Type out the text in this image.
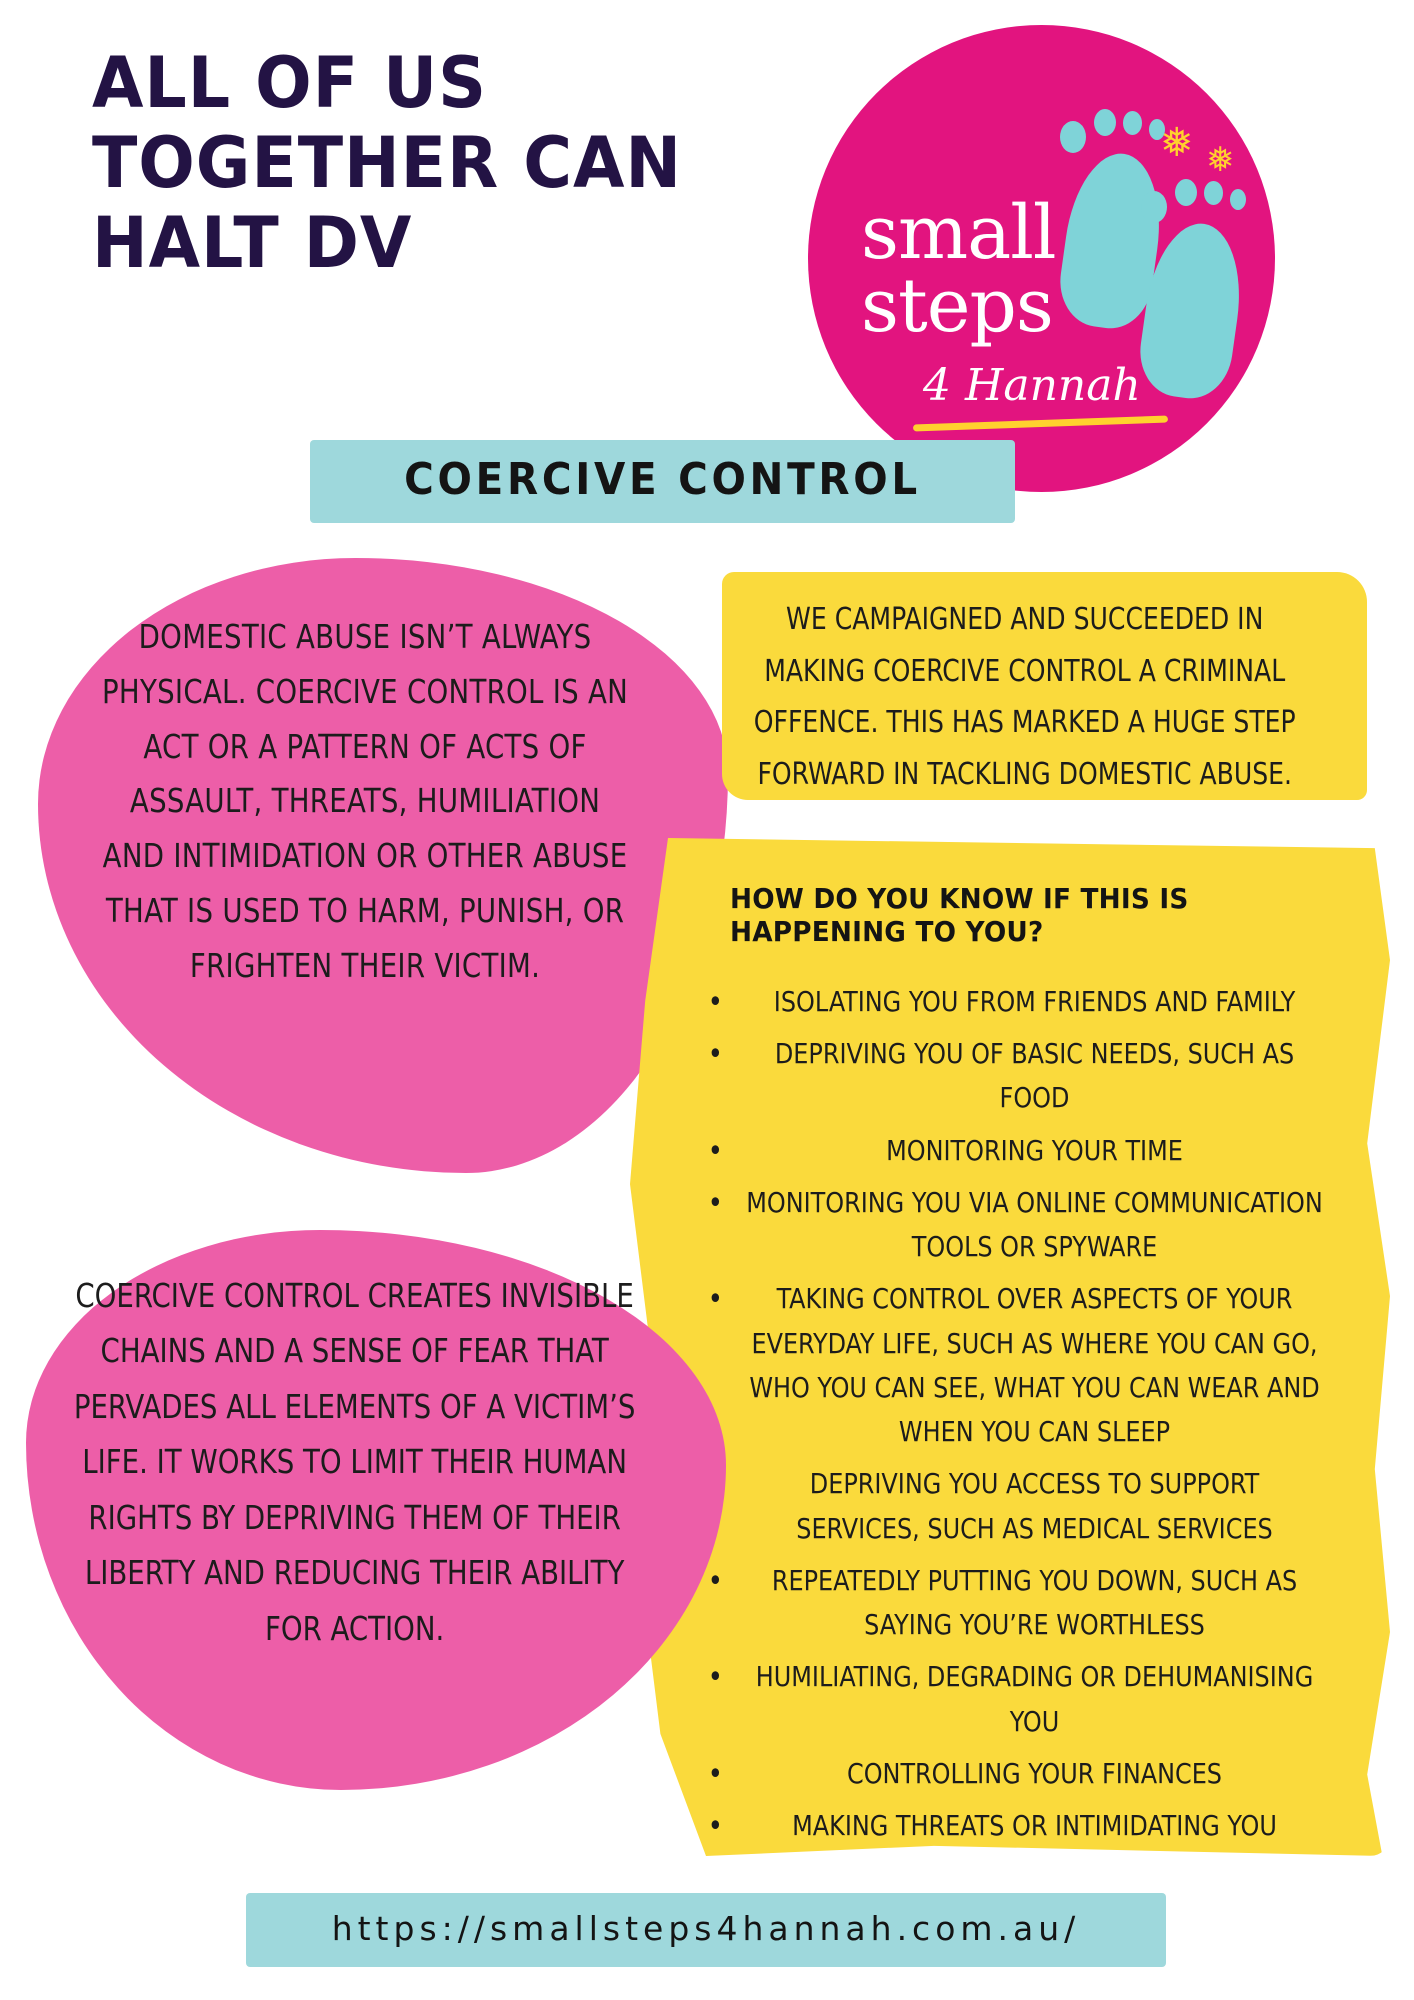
ALL OF US
TOGETHER CAN
HALT DV
❅ ❅
small
steps
4 Hannah
COERCIVE CONTROL
DOMESTIC ABUSE ISN’T ALWAYS PHYSICAL. COERCIVE CONTROL IS AN ACT OR A PATTERN OF ACTS OF ASSAULT, THREATS, HUMILIATION AND INTIMIDATION OR OTHER ABUSE THAT IS USED TO HARM, PUNISH, OR FRIGHTEN THEIR VICTIM.
WE CAMPAIGNED AND SUCCEEDED IN MAKING COERCIVE CONTROL A CRIMINAL OFFENCE. THIS HAS MARKED A HUGE STEP FORWARD IN TACKLING DOMESTIC ABUSE.
HOW DO YOU KNOW IF THIS IS HAPPENING TO YOU?
• ISOLATING YOU FROM FRIENDS AND FAMILY
• DEPRIVING YOU OF BASIC NEEDS, SUCH AS FOOD
•	MONITORING YOUR TIME
• MONITORING YOU VIA ONLINE COMMUNICATION TOOLS OR SPYWARE
• TAKING CONTROL OVER ASPECTS OF YOUR EVERYDAY LIFE, SUCH AS WHERE YOU CAN GO, WHO YOU CAN SEE, WHAT YOU CAN WEAR AND WHEN YOU CAN SLEEP
DEPRIVING YOU ACCESS TO SUPPORT SERVICES, SUCH AS MEDICAL SERVICES
• REPEATEDLY PUTTING YOU DOWN, SUCH AS SAYING YOU’RE WORTHLESS
• HUMILIATING, DEGRADING OR DEHUMANISING YOU
•	CONTROLLING YOUR FINANCES
• MAKING THREATS OR INTIMIDATING YOU
COERCIVE CONTROL CREATES INVISIBLE CHAINS AND A SENSE OF FEAR THAT PERVADES ALL ELEMENTS OF A VICTIM’S LIFE. IT WORKS TO LIMIT THEIR HUMAN RIGHTS BY DEPRIVING THEM OF THEIR LIBERTY AND REDUCING THEIR ABILITY FOR ACTION.
https://smallsteps4hannah.com.au/
